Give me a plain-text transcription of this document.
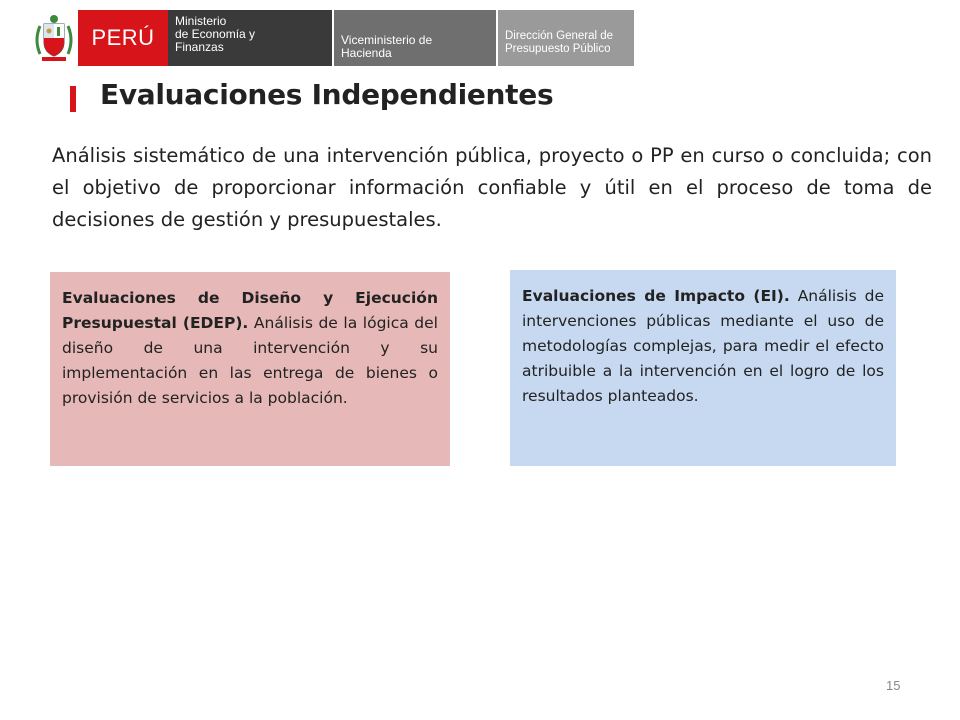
PERÚ
Ministerio
de Economía y
Finanzas	Viceministerio de
Hacienda
Dirección General de
Presupuesto Público
Evaluaciones Independientes

Análisis sistemático de una intervención pública, proyecto o PP en curso o concluida; con el objetivo de proporcionar información confiable y útil en el proceso de toma de decisiones de gestión y presupuestales.

Evaluaciones de Diseño y Ejecución Presupuestal (EDEP). Análisis de la lógica del diseño de una intervención y su implementación en las entrega de bienes o provisión de servicios a la población.
Evaluaciones de Impacto (EI). Análisis de intervenciones públicas mediante el uso de metodologías complejas, para medir el efecto atribuible a la intervención en el logro de los resultados planteados.
15
